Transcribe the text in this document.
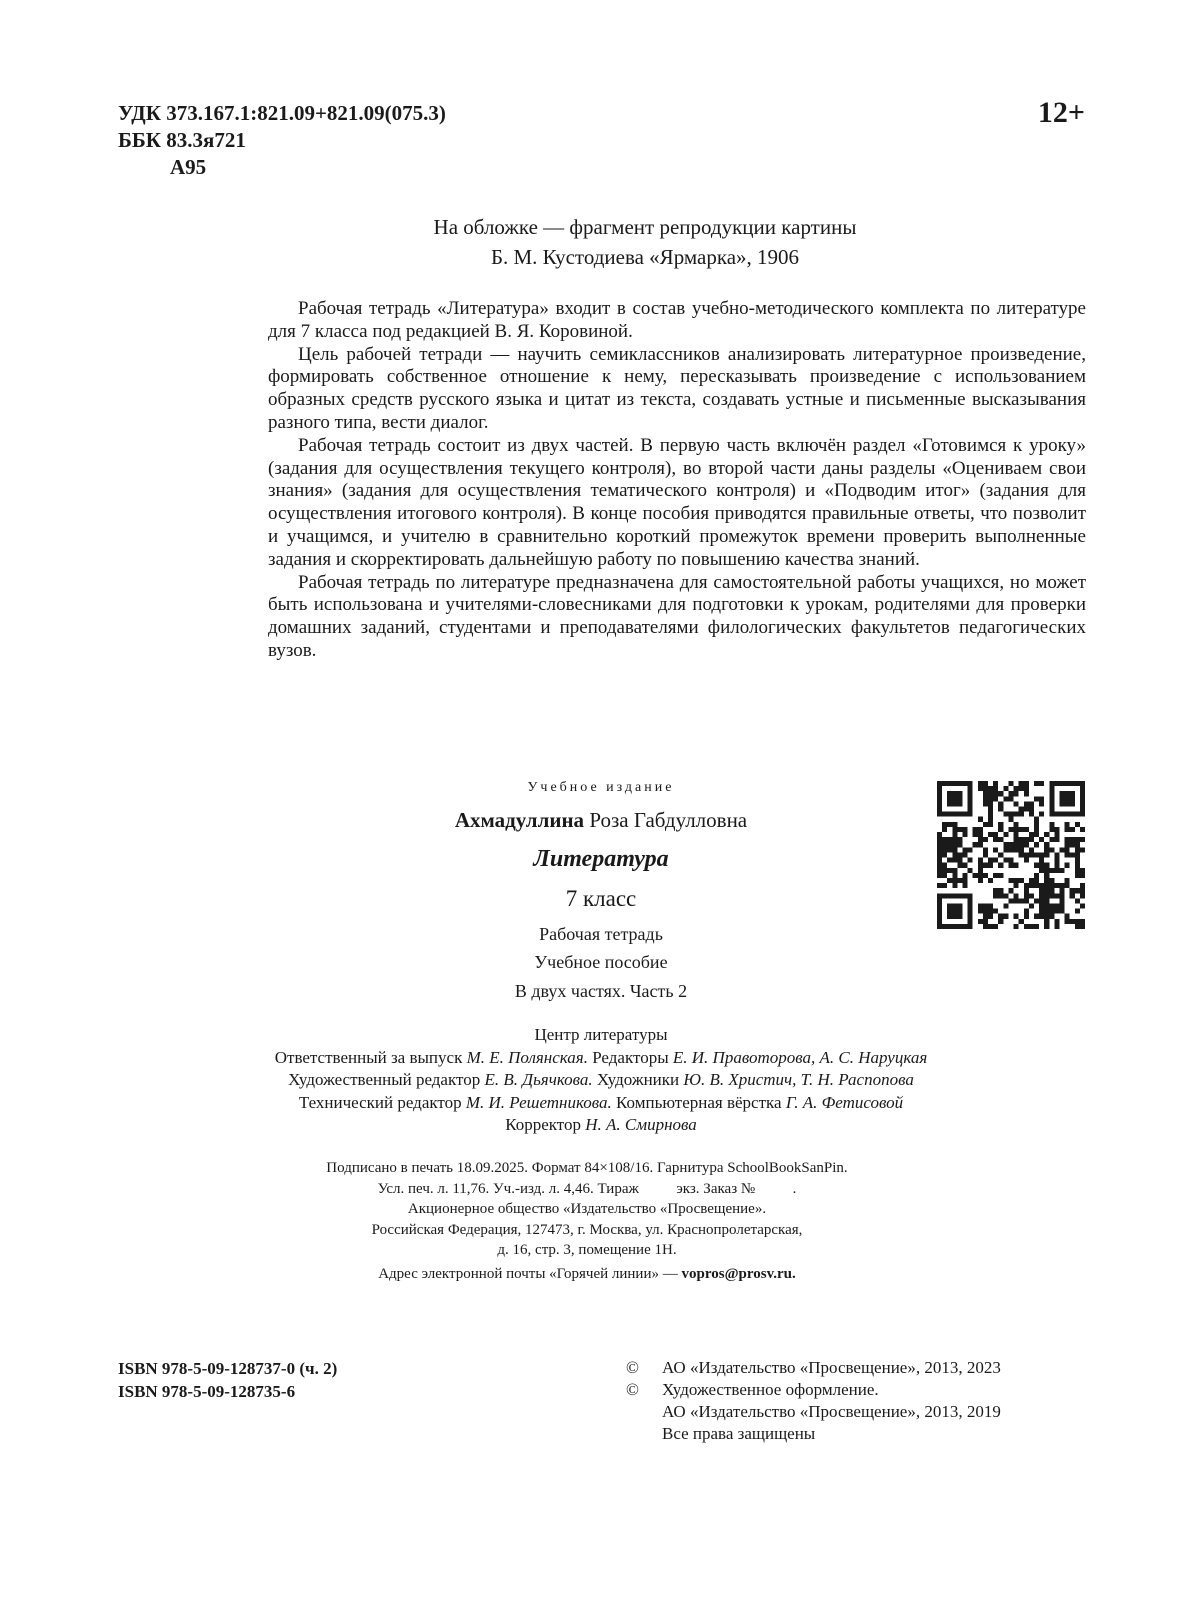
УДК 373.167.1:821.09+821.09(075.3)
ББК 83.3я721
А95
12+
На обложке — фрагмент репродукции картины
Б. М. Кустодиева «Ярмарка», 1906

Рабочая тетрадь «Литература» входит в состав учебно-методического комплекта по литературе для 7 класса под редакцией В. Я. Коровиной.

Цель рабочей тетради — научить семиклассников анализировать литературное произведение, формировать собственное отношение к нему, пересказывать произведение с использованием образных средств русского языка и цитат из текста, создавать устные и письменные высказывания разного типа, вести диалог.

Рабочая тетрадь состоит из двух частей. В первую часть включён раздел «Готовимся к уроку» (задания для осуществления текущего контроля), во второй части даны разделы «Оцениваем свои знания» (задания для осуществления тематического контроля) и «Подводим итог» (задания для осуществления итогового контроля). В конце пособия приводятся правильные ответы, что позволит и учащимся, и учителю в сравнительно короткий промежуток времени проверить выполненные задания и скорректировать дальнейшую работу по повышению качества знаний.

Рабочая тетрадь по литературе предназначена для самостоятельной работы учащихся, но может быть использована и учителями-словесниками для подготовки к урокам, родителями для проверки домашних заданий, студентами и преподавателями филологических факультетов педагогических вузов.

Учебное издание
Ахмадуллина Роза Габдулловна
Литература
7 класс
Рабочая тетрадь
Учебное пособие
В двух частях. Часть 2
Центр литературы
Ответственный за выпуск М. Е. Полянская. Редакторы Е. И. Правоторова, А. С. Наруцкая
Художественный редактор Е. В. Дьячкова. Художники Ю. В. Христич, Т. Н. Распопова
Технический редактор М. И. Решетникова. Компьютерная вёрстка Г. А. Фетисовой
Корректор Н. А. Смирнова
Подписано в печать 18.09.2025. Формат 84×108/16. Гарнитура SchoolBookSanPin.
Усл. печ. л. 11,76. Уч.-изд. л. 4,46. Тираж          экз. Заказ №          .
Акционерное общество «Издательство «Просвещение».
Российская Федерация, 127473, г. Москва, ул. Краснопролетарская,
д. 16, стр. 3, помещение 1Н.
Адрес электронной почты «Горячей линии» — vopros@prosv.ru.
ISBN 978-5-09-128737-0 (ч. 2)
ISBN 978-5-09-128735-6
©	АО «Издательство «Просвещение», 2013, 2023
©	Художественное оформление.
АО «Издательство «Просвещение», 2013, 2019
Все права защищены
